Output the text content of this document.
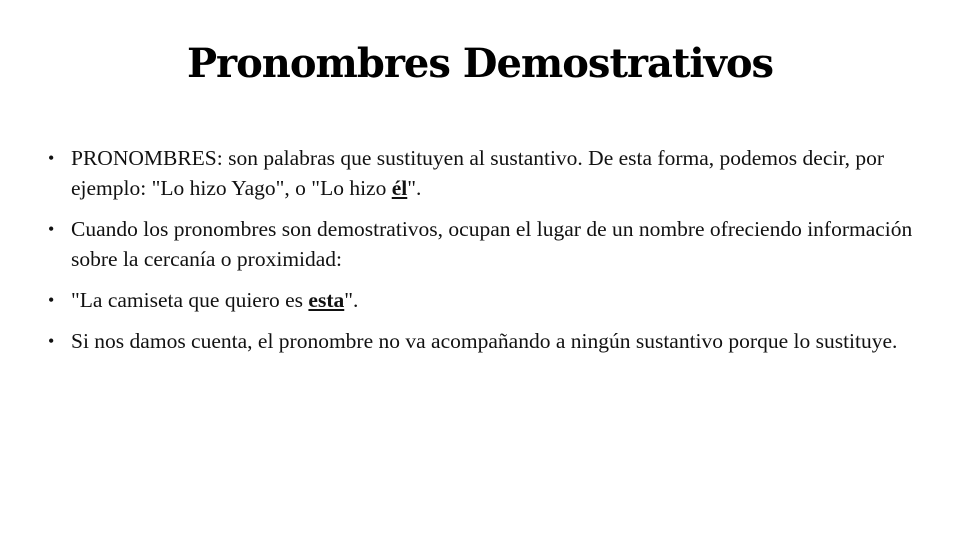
Pronombres Demostrativos
• PRONOMBRES: son palabras que sustituyen al sustantivo. De esta forma, podemos decir, por ejemplo: "Lo hizo Yago", o "Lo hizo él".
• Cuando los pronombres son demostrativos, ocupan el lugar de un nombre ofreciendo información sobre la cercanía o proximidad:
• "La camiseta que quiero es esta".
• Si nos damos cuenta, el pronombre no va acompañando a ningún sustantivo porque lo sustituye.
